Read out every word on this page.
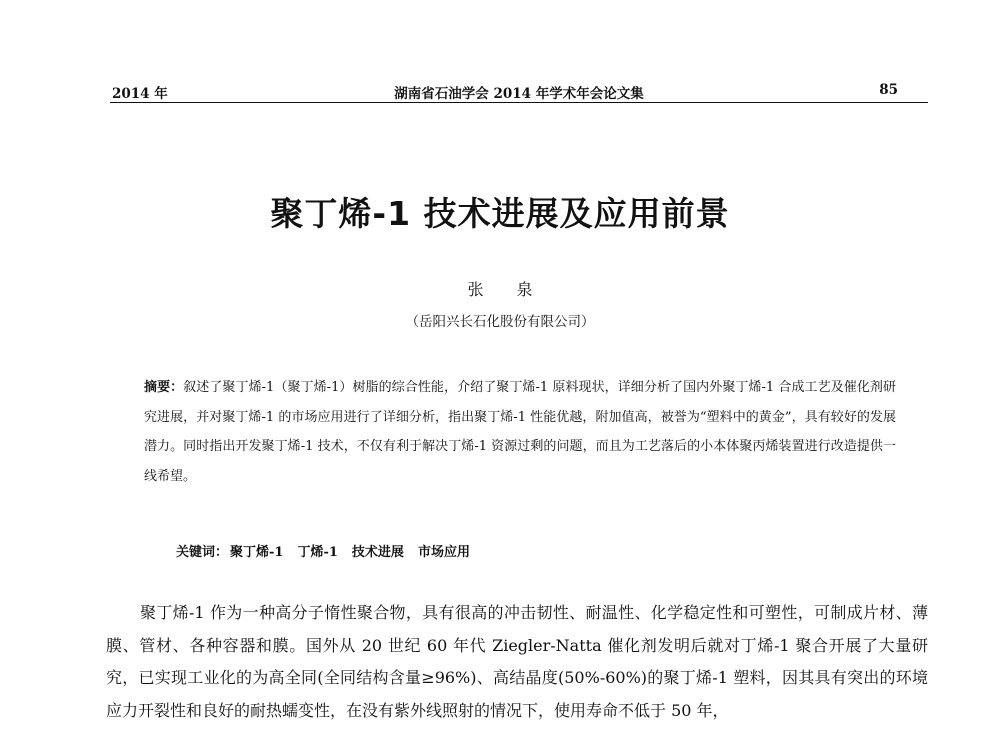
2014 年	湖南省石油学会 2014 年学术年会论文集	85
聚丁烯-1 技术进展及应用前景
张 泉
（岳阳兴长石化股份有限公司）
摘要：叙述了聚丁烯-1（聚丁烯-1）树脂的综合性能，介绍了聚丁烯-1 原料现状，详细分析了国内外聚丁烯-1 合成工艺及催化剂研究进展，并对聚丁烯-1 的市场应用进行了详细分析，指出聚丁烯-1 性能优越，附加值高，被誉为“塑料中的黄金”，具有较好的发展潜力。同时指出开发聚丁烯-1 技术，不仅有利于解决丁烯-1 资源过剩的问题，而且为工艺落后的小本体聚丙烯装置进行改造提供一线希望。
关键词： 聚丁烯-1 丁烯-1 技术进展 市场应用
聚丁烯-1 作为一种高分子惰性聚合物，具有很高的冲击韧性、耐温性、化学稳定性和可塑性，可制成片材、薄膜、管材、各种容器和膜。国外从 20 世纪 60 年代 Ziegler-Natta 催化剂发明后就对丁烯-1 聚合开展了大量研究，已实现工业化的为高全同(全同结构含量≥96%)、高结晶度(50%-60%)的聚丁烯-1 塑料，因其具有突出的环境应力开裂性和良好的耐热蠕变性，在没有紫外线照射的情况下，使用寿命不低于 50 年，
